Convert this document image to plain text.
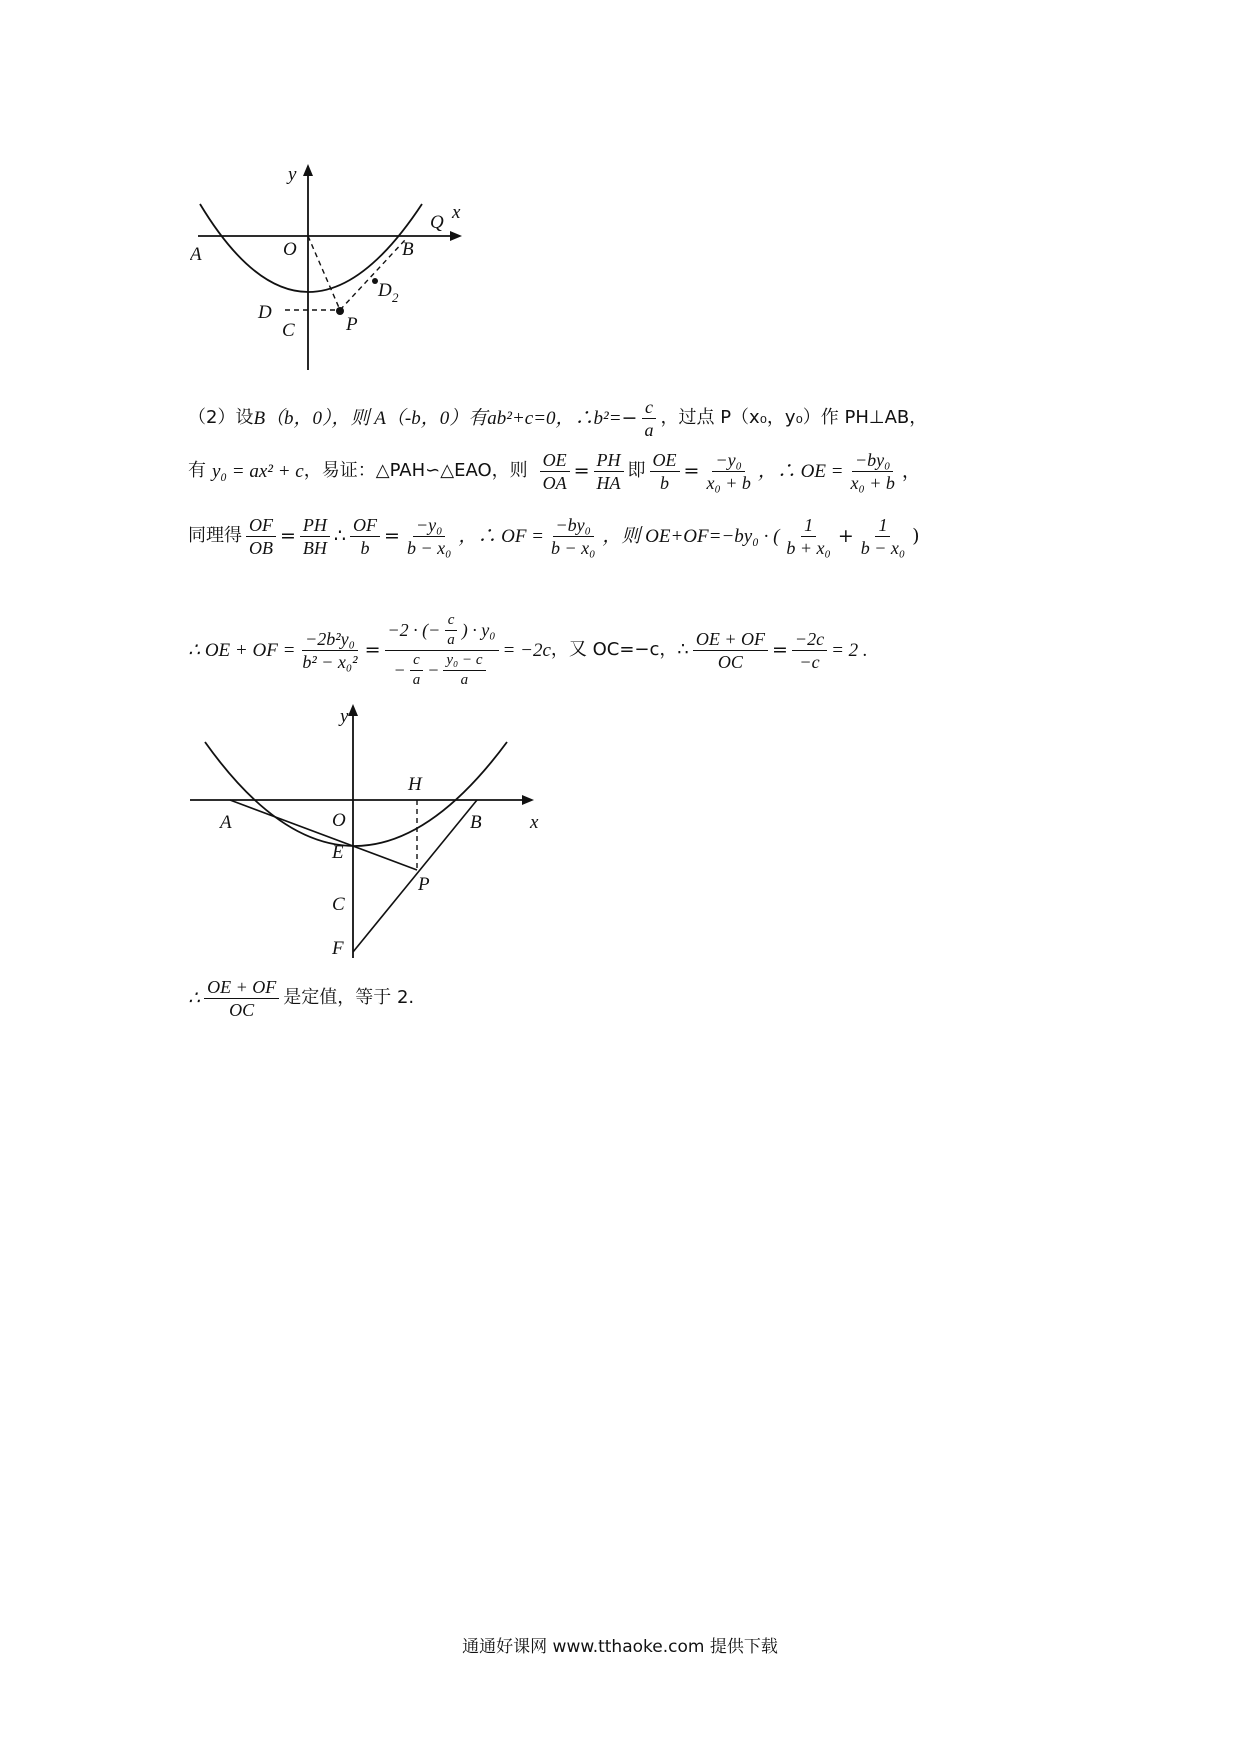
y
x
O
A	B
Q
D
C	P
D 2
（2）设 B（b，0），则 A（-b，0）有 ab²+c=0，∴b²= − $\frac{c}{a}$ ，过点 P（x₀，y₀）作 PH⊥AB，
有 y₀ = ax² + c ，易证：△PAH∽△EAO，则 $\frac{OE}{OA} = \frac{PH}{HA}$ 即 $\frac{OE}{b} = \frac{\text{−y₀}}{\text{x₀ + b}}$ ，∴ OE = $\frac{\text{−by₀}}{\text{x₀ + b}}$ ，
同理得 $\frac{OF}{OB} = \frac{PH}{BH}$ ∴ $\frac{OF}{b} = \frac{\text{−y₀}}{\text{b − x₀}}$ ，∴ OF = $\frac{\text{−by₀}}{\text{b − x₀}}$ ，则 OE+OF= −by₀ · ( $\frac{1}{\text{b + x₀}} + \frac{1}{\text{b − x₀}}$ )
∴ OE + OF = $\frac{\text{−2b²y₀}}{\text{b² − x₀²}} = \frac{-2 \cdot (- \frac{c}{a} ) \cdot y_0}{- \frac{c}{a} - \frac{\text{y₀ − c}}{a}} = -2c$ ，又 OC=−c，∴ $\frac{OE + OF}{OC} = \frac{-2c}{-c} = 2$ .
y
x
O
H
A	B
E
P
C
F
∴ $\frac{OE + OF}{OC}$ 是定值，等于 2.
通通好课网 www.tthaoke.com 提供下载
